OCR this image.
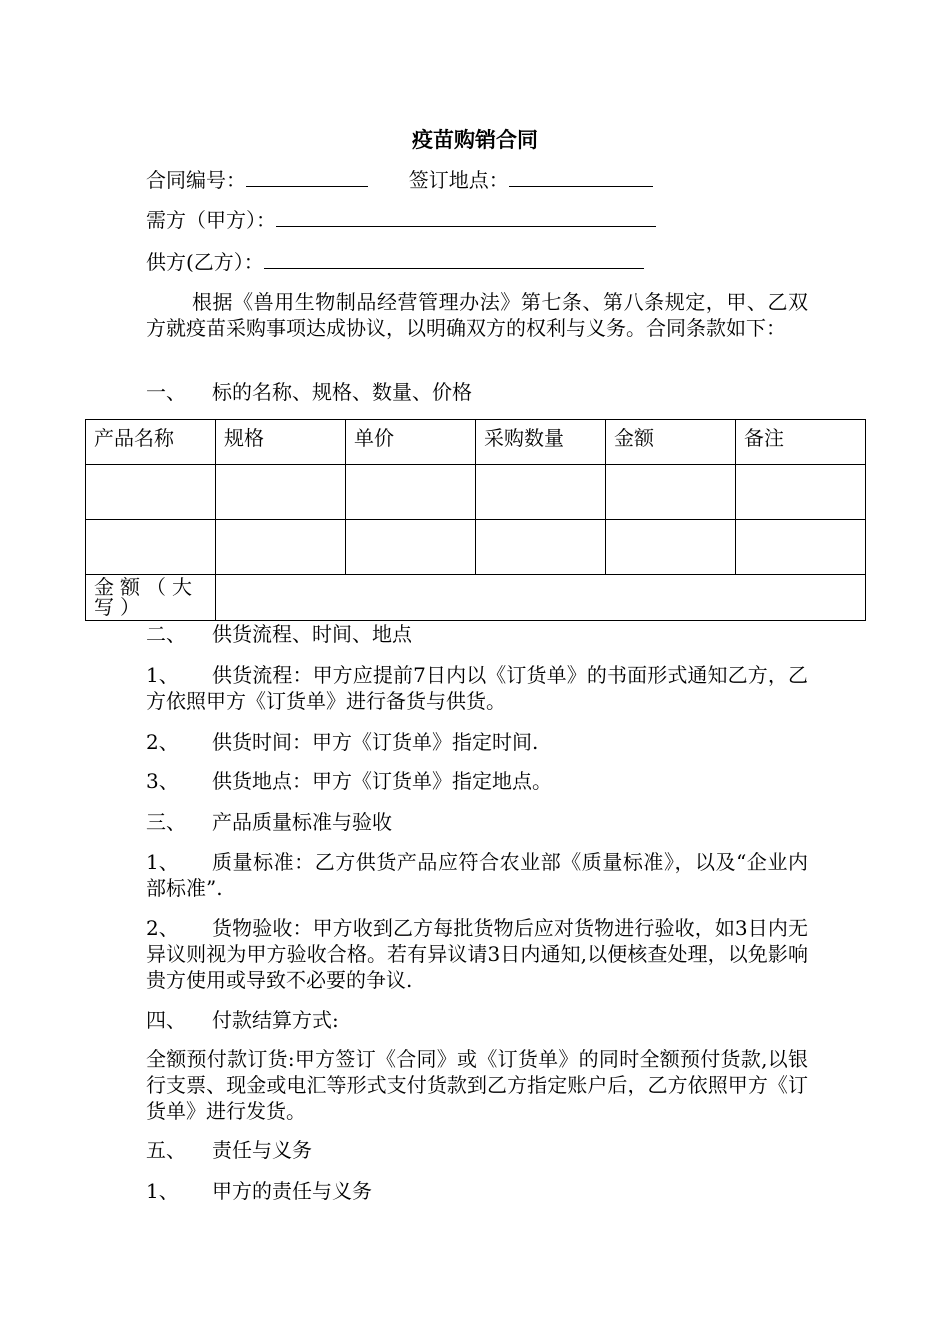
疫苗购销合同
合同编号：	签订地点：
需方（甲方）：
供方(乙方）：
根据《兽用生物制品经营管理办法》第七条、第八条规定，甲、乙双方就疫苗采购事项达成协议，以明确双方的权利与义务。合同条款如下：
一、 标的名称、规格、数量、价格
产品名称	规格	单价	采购数量	金额	备注

金额（大写）					
二、 供货流程、时间、地点
1、	供货流程：甲方应提前7日内以《订货单》的书面形式通知乙方，乙方依照甲方《订货单》进行备货与供货。
2、 供货时间：甲方《订货单》指定时间.
3、 供货地点：甲方《订货单》指定地点。
三、 产品质量标准与验收
1、	质量标准：乙方供货产品应符合农业部《质量标准》，以及“企业内部标准”.
2、	货物验收：甲方收到乙方每批货物后应对货物进行验收，如3日内无异议则视为甲方验收合格。若有异议请3日内通知,以便核查处理，以免影响贵方使用或导致不必要的争议.
四、 付款结算方式:
全额预付款订货:甲方签订《合同》或《订货单》的同时全额预付货款,以银行支票、现金或电汇等形式支付货款到乙方指定账户后，乙方依照甲方《订货单》进行发货。
五、 责任与义务
1、 甲方的责任与义务
